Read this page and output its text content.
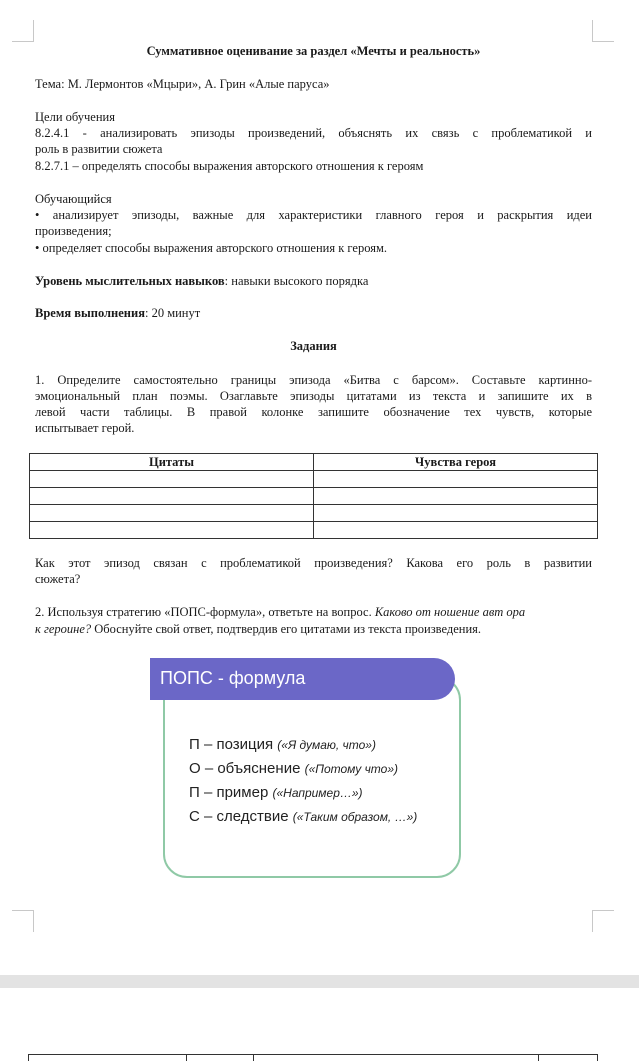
Суммативное оценивание за раздел «Мечты и реальность»
Тема: М. Лермонтов «Мцыри», А. Грин «Алые паруса»
Цели обучения
8.2.4.1 - анализировать эпизоды произведений, объяснять их связь с проблематикой и
роль в развитии сюжета
8.2.7.1 – определять способы выражения авторского отношения к героям
Обучающийся
• анализирует эпизоды, важные для характеристики главного героя и раскрытия идеи
произведения;
• определяет способы выражения авторского отношения к героям.
Уровень мыслительных навыков: навыки высокого порядка
Время выполнения: 20 минут
Задания
1. Определите самостоятельно границы эпизода «Битва с барсом». Составьте картинно-
эмоциональный план поэмы. Озаглавьте эпизоды цитатами из текста и запишите их в
левой части таблицы. В правой колонке запишите обозначение тех чувств, которые
испытывает герой.
Как этот эпизод связан с проблематикой произведения? Какова его роль в развитии
сюжета?
2. Используя стратегию «ПОПС-формула», ответьте на вопрос. Каково от ношение авт ора
к героине? Обоснуйте свой ответ, подтвердив его цитатами из текста произведения.
Цитаты	Чувства героя

П – позиция («Я думаю, что»)
О – объяснение («Потому что»)
П – пример («Например…»)
С – следствие («Таким образом, …»)
ПОПС - формула
